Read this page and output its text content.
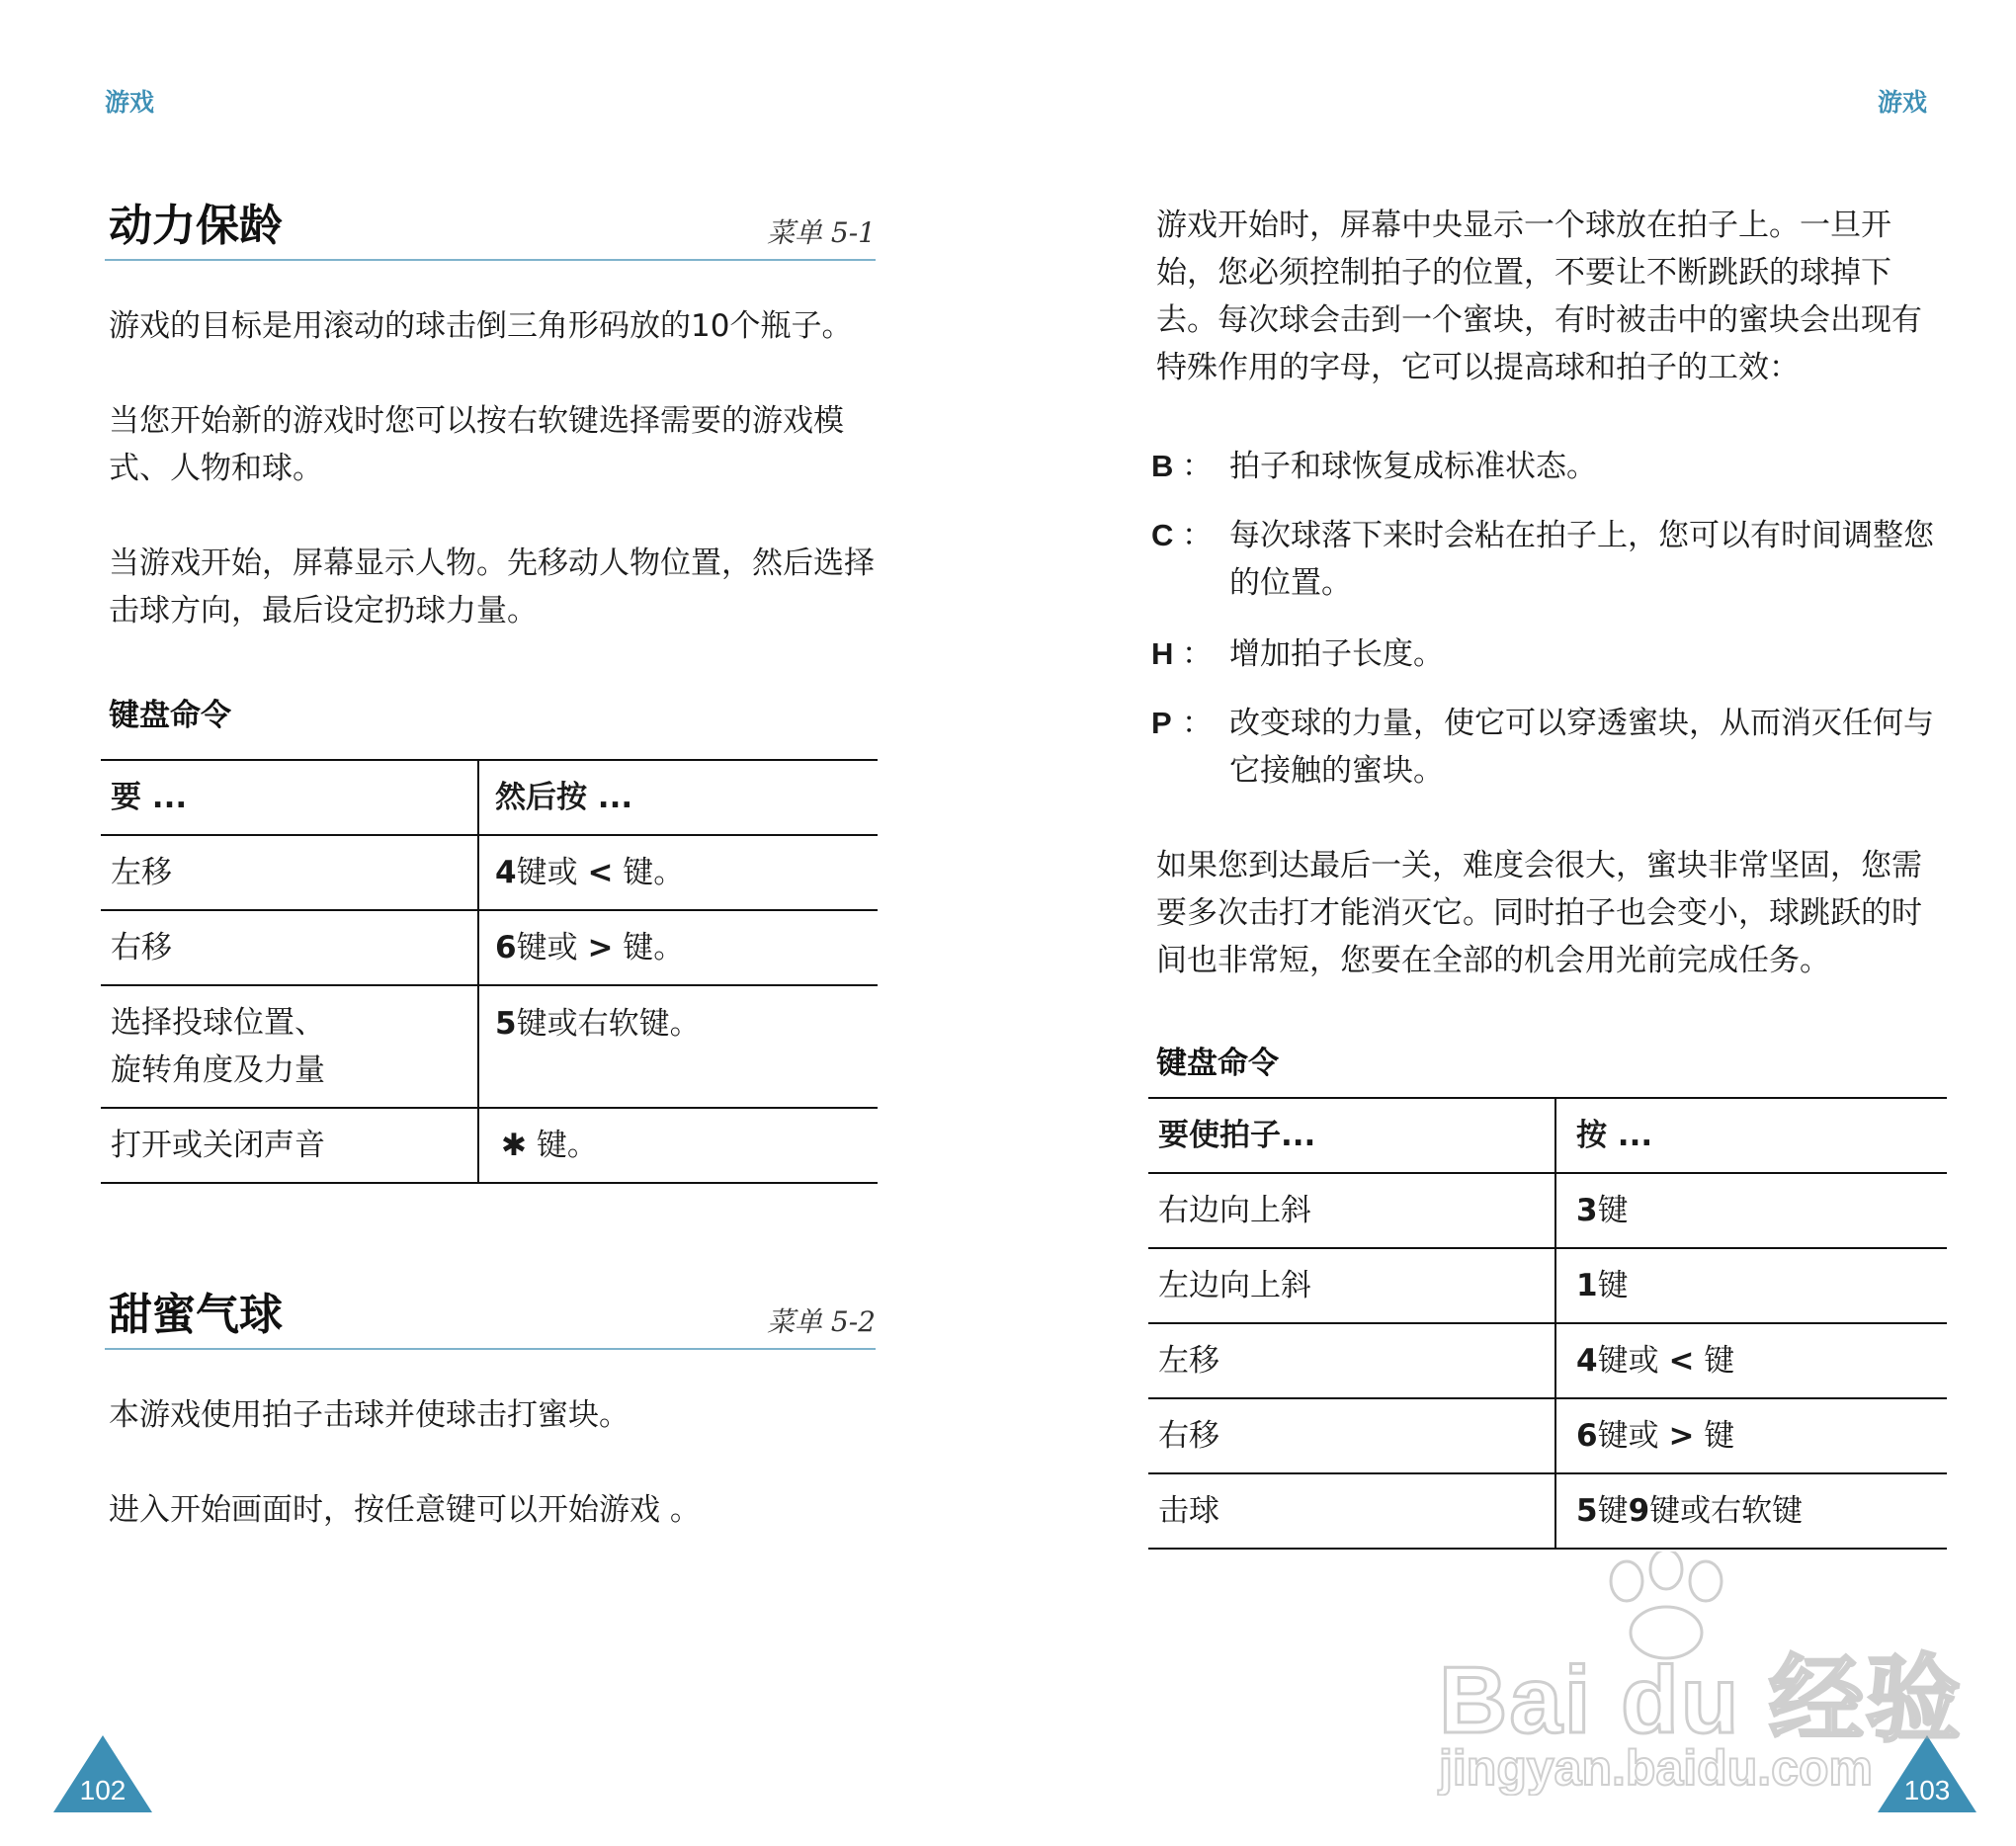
游戏
动力保龄	菜单 5-1

游戏的目标是用滚动的球击倒三角形码放的10个瓶子。

当您开始新的游戏时您可以按右软键选择需要的游戏模式、人物和球。

当游戏开始，屏幕显示人物。先移动人物位置，然后选择击球方向，最后设定扔球力量。

键盘命令
要 ...	然后按 ...
左移	4键或 < 键。
右移	6键或 > 键。

选择投球位置、
旋转角度及力量	5键或右软键。
打开或关闭声音	✱ 键。
甜蜜气球	菜单 5-2

本游戏使用拍子击球并使球击打蜜块。

进入开始画面时，按任意键可以开始游戏 。

102
游戏

游戏开始时，屏幕中央显示一个球放在拍子上。一旦开始，您必须控制拍子的位置，不要让不断跳跃的球掉下去。每次球会击到一个蜜块，有时被击中的蜜块会出现有特殊作用的字母，它可以提高球和拍子的工效：

B ： 拍子和球恢复成标准状态。
C ： 每次球落下来时会粘在拍子上，您可以有时间调整您的位置。
H ： 增加拍子长度。
P ： 改变球的力量，使它可以穿透蜜块，从而消灭任何与它接触的蜜块。

如果您到达最后一关，难度会很大，蜜块非常坚固，您需要多次击打才能消灭它。同时拍子也会变小，球跳跃的时间也非常短，您要在全部的机会用光前完成任务。

键盘命令
要使拍子...	按 ...
右边向上斜	3键
左边向上斜	1键
左移	4键或 < 键
右移	6键或 > 键
击球	5键9键或右软键
103
Bai du 经验
jingyan.baidu.com
